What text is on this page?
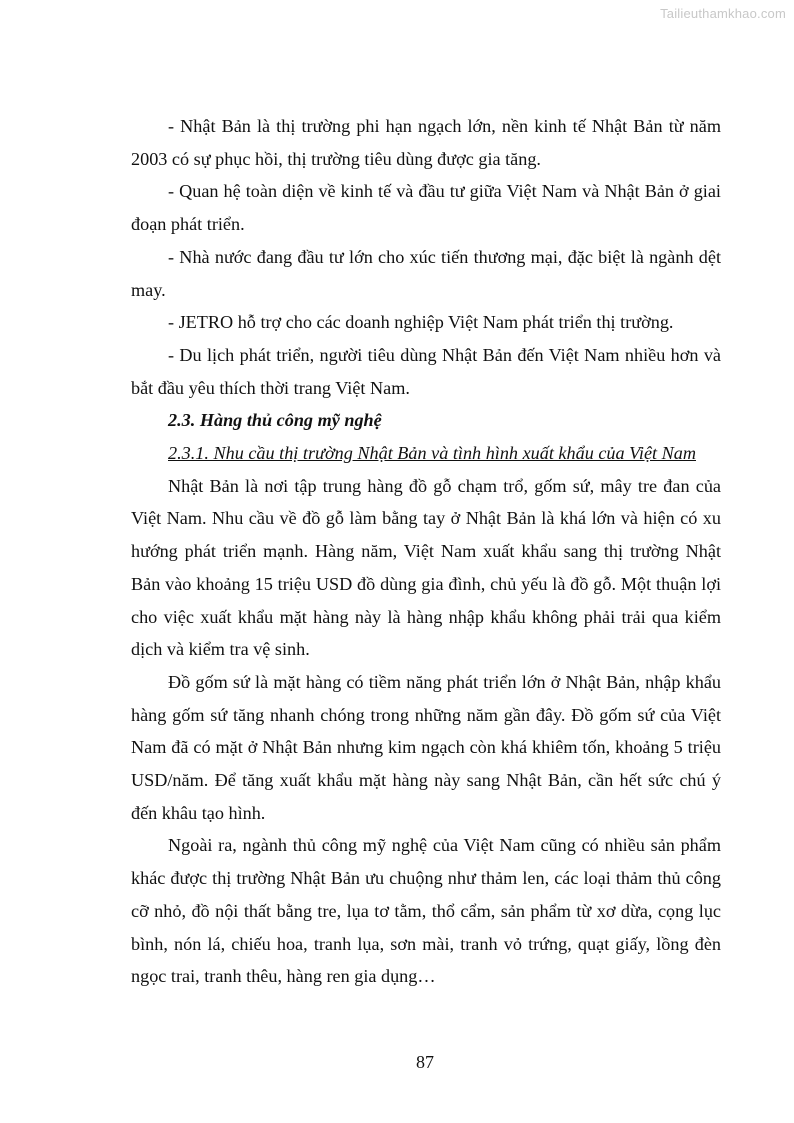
Tailieuthamkhao.com

- Nhật Bản là thị trường phi hạn ngạch lớn, nền kinh tế Nhật Bản từ năm 2003 có sự phục hồi, thị trường tiêu dùng được gia tăng.

- Quan hệ toàn diện về kinh tế và đầu tư giữa Việt Nam và Nhật Bản ở giai đoạn phát triển.

- Nhà nước đang đầu tư lớn cho xúc tiến thương mại, đặc biệt là ngành dệt may.

- JETRO hỗ trợ cho các doanh nghiệp Việt Nam phát triển thị trường.

- Du lịch phát triển, người tiêu dùng Nhật Bản đến Việt Nam nhiều hơn và bắt đầu yêu thích thời trang Việt Nam.

2.3. Hàng thủ công mỹ nghệ
2.3.1. Nhu cầu thị trường Nhật Bản và tình hình xuất khẩu của Việt Nam

Nhật Bản là nơi tập trung hàng đồ gỗ chạm trổ, gốm sứ, mây tre đan của Việt Nam. Nhu cầu về đồ gỗ làm bằng tay ở Nhật Bản là khá lớn và hiện có xu hướng phát triển mạnh. Hàng năm, Việt Nam xuất khẩu sang thị trường Nhật Bản vào khoảng 15 triệu USD đồ dùng gia đình, chủ yếu là đồ gỗ. Một thuận lợi cho việc xuất khẩu mặt hàng này là hàng nhập khẩu không phải trải qua kiểm dịch và kiểm tra vệ sinh.

Đồ gốm sứ là mặt hàng có tiềm năng phát triển lớn ở Nhật Bản, nhập khẩu hàng gốm sứ tăng nhanh chóng trong những năm gần đây. Đồ gốm sứ của Việt Nam đã có mặt ở Nhật Bản nhưng kim ngạch còn khá khiêm tốn, khoảng 5 triệu USD/năm. Để tăng xuất khẩu mặt hàng này sang Nhật Bản, cần hết sức chú ý đến khâu tạo hình.

Ngoài ra, ngành thủ công mỹ nghệ của Việt Nam cũng có nhiều sản phẩm khác được thị trường Nhật Bản ưu chuộng như thảm len, các loại thảm thủ công cỡ nhỏ, đồ nội thất bằng tre, lụa tơ tằm, thổ cẩm, sản phẩm từ xơ dừa, cọng lục bình, nón lá, chiếu hoa, tranh lụa, sơn mài, tranh vỏ trứng, quạt giấy, lồng đèn ngọc trai, tranh thêu, hàng ren gia dụng…

87
